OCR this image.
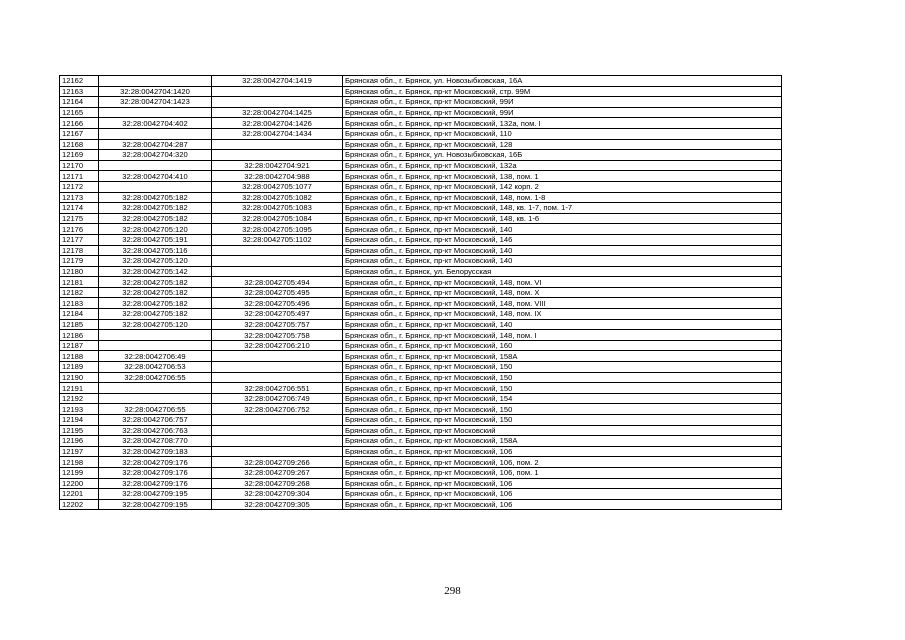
12162		32:28:0042704:1419	Брянская обл., г. Брянск, ул. Новозыбковская, 16А
12163	32:28:0042704:1420		Брянская обл., г. Брянск, пр-кт Московский, стр. 99М
12164	32:28:0042704:1423		Брянская обл., г. Брянск, пр-кт Московский, 99И
12165		32:28:0042704:1425	Брянская обл., г. Брянск, пр-кт Московский, 99И
12166	32:28:0042704:402	32:28:0042704:1426	Брянская обл., г. Брянск, пр-кт Московский, 132а, пом. I
12167		32:28:0042704:1434	Брянская обл., г. Брянск, пр-кт Московский, 110
12168	32:28:0042704:287		Брянская обл., г. Брянск, пр-кт Московский, 128
12169	32:28:0042704:320		Брянская обл., г. Брянск, ул. Новозыбковская, 16Б
12170		32:28:0042704:921	Брянская обл., г. Брянск, пр-кт Московский, 132а
12171	32:28:0042704:410	32:28:0042704:988	Брянская обл., г. Брянск, пр-кт Московский, 138, пом. 1
12172		32:28:0042705:1077	Брянская обл., г. Брянск, пр-кт Московский, 142 корп. 2
12173	32:28:0042705:182	32:28:0042705:1082	Брянская обл., г. Брянск, пр-кт Московский, 148, пом. 1-8
12174	32:28:0042705:182	32:28:0042705:1083	Брянская обл., г. Брянск, пр-кт Московский, 148, кв. 1-7, пом. 1-7
12175	32:28:0042705:182	32:28:0042705:1084	Брянская обл., г. Брянск, пр-кт Московский, 148, кв. 1-6
12176	32:28:0042705:120	32:28:0042705:1095	Брянская обл., г. Брянск, пр-кт Московский, 140
12177	32:28:0042705:191	32:28:0042705:1102	Брянская обл., г. Брянск, пр-кт Московский, 146
12178	32:28:0042705:116		Брянская обл., г. Брянск, пр-кт Московский, 140
12179	32:28:0042705:120		Брянская обл., г. Брянск, пр-кт Московский, 140
12180	32:28:0042705:142		Брянская обл., г. Брянск, ул. Белорусская
12181	32:28:0042705:182	32:28:0042705:494	Брянская обл., г. Брянск, пр-кт Московский, 148, пом. VI
12182	32:28:0042705:182	32:28:0042705:495	Брянская обл., г. Брянск, пр-кт Московский, 148, пом. X
12183	32:28:0042705:182	32:28:0042705:496	Брянская обл., г. Брянск, пр-кт Московский, 148, пом. VIII
12184	32:28:0042705:182	32:28:0042705:497	Брянская обл., г. Брянск, пр-кт Московский, 148, пом. IX
12185	32:28:0042705:120	32:28:0042705:757	Брянская обл., г. Брянск, пр-кт Московский, 140
12186		32:28:0042705:758	Брянская обл., г. Брянск, пр-кт Московский, 148, пом. I
12187		32:28:0042706:210	Брянская обл., г. Брянск, пр-кт Московский, 160
12188	32:28:0042706:49		Брянская обл., г. Брянск, пр-кт Московский, 158А
12189	32:28:0042706:53		Брянская обл., г. Брянск, пр-кт Московский, 150
12190	32:28:0042706:55		Брянская обл., г. Брянск, пр-кт Московский, 150
12191		32:28:0042706:551	Брянская обл., г. Брянск, пр-кт Московский, 150
12192		32:28:0042706:749	Брянская обл., г. Брянск, пр-кт Московский, 154
12193	32:28:0042706:55	32:28:0042706:752	Брянская обл., г. Брянск, пр-кт Московский, 150
12194	32:28:0042706:757		Брянская обл., г. Брянск, пр-кт Московский, 150
12195	32:28:0042706:763		Брянская обл., г. Брянск, пр-кт Московский
12196	32:28:0042708:770		Брянская обл., г. Брянск, пр-кт Московский, 158А
12197	32:28:0042709:183		Брянская обл., г. Брянск, пр-кт Московский, 106
12198	32:28:0042709:176	32:28:0042709:266	Брянская обл., г. Брянск, пр-кт Московский, 106, пом. 2
12199	32:28:0042709:176	32:28:0042709:267	Брянская обл., г. Брянск, пр-кт Московский, 106, пом. 1
12200	32:28:0042709:176	32:28:0042709:268	Брянская обл., г. Брянск, пр-кт Московский, 106
12201	32:28:0042709:195	32:28:0042709:304	Брянская обл., г. Брянск, пр-кт Московский, 106
12202	32:28:0042709:195	32:28:0042709:305	Брянская обл., г. Брянск, пр-кт Московский, 106
298
